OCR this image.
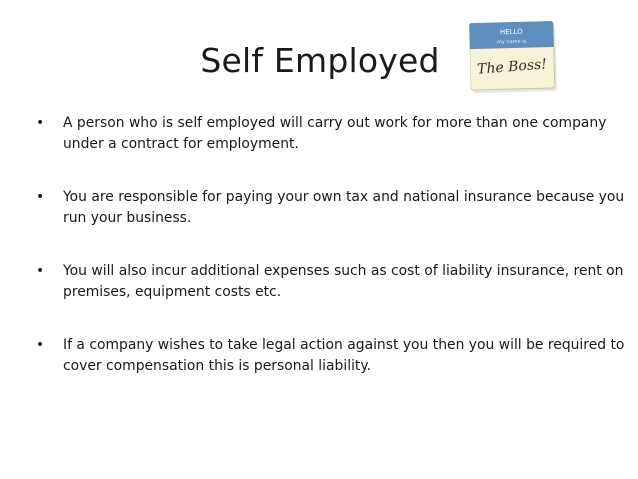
Self Employed
HELLO
my name is
The Boss!
• A person who is self employed will carry out work for more than one company under a contract for employment.
• You are responsible for paying your own tax and national insurance because you run your business.
• You will also incur additional expenses such as cost of liability insurance, rent on premises, equipment costs etc.
• If a company wishes to take legal action against you then you will be required to cover compensation this is personal liability.
